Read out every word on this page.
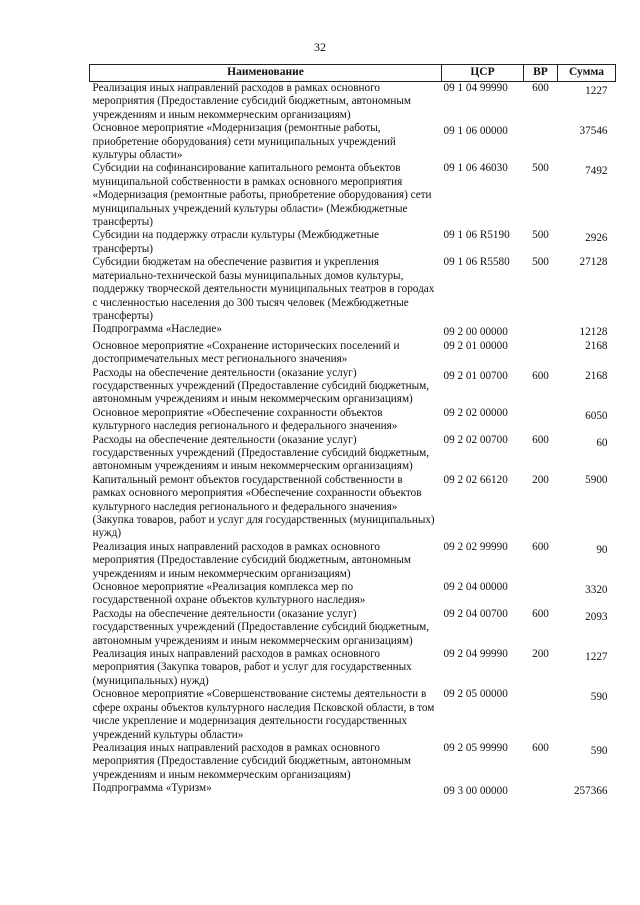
32
Наименование	ЦСР	ВР	Сумма
Реализация иных направлений расходов в рамках основного мероприятия (Предоставление субсидий бюджетным, автономным учреждениям и иным некоммерческим организациям)	09 1 04 99990	600	1227

Основное мероприятие «Модернизация (ремонтные работы, приобретение оборудования) сети муниципальных учреждений культуры области»	09 1 06 00000		37546

Субсидии на софинансирование капитального ремонта объектов муниципальной собственности в рамках основного мероприятия «Модернизация (ремонтные работы, приобретение оборудования) сети муниципальных учреждений культуры области» (Межбюджетные трансферты)	09 1 06 46030	500	7492

Субсидии на поддержку отрасли культуры (Межбюджетные трансферты)	09 1 06 R5190	500	2926

Субсидии бюджетам на обеспечение развития и укрепления материально-технической базы муниципальных домов культуры, поддержку творческой деятельности муниципальных театров в городах с численностью населения до 300 тысяч человек (Межбюджетные трансферты)	09 1 06 R5580	500	27128
Подпрограмма «Наследие»	09 2 00 00000		12128

Основное мероприятие «Сохранение исторических поселений и достопримечательных мест регионального значения»	09 2 01 00000		2168
Расходы на обеспечение деятельности (оказание услуг) государственных учреждений (Предоставление субсидий бюджетным, автономным учреждениям и иным некоммерческим организациям)	09 2 01 00700	600	2168

Основное мероприятие «Обеспечение сохранности объектов культурного наследия регионального и федерального значения»	09 2 02 00000		6050

Расходы на обеспечение деятельности (оказание услуг) государственных учреждений (Предоставление субсидий бюджетным, автономным учреждениям и иным некоммерческим организациям)	09 2 02 00700	600	60

Капитальный ремонт объектов государственной собственности в рамках основного мероприятия «Обеспечение сохранности объектов культурного наследия регионального и федерального значения» (Закупка товаров, работ и услуг для государственных (муниципальных) нужд)	09 2 02 66120	200	5900
Реализация иных направлений расходов в рамках основного мероприятия (Предоставление субсидий бюджетным, автономным учреждениям и иным некоммерческим организациям)	09 2 02 99990	600	90

Основное мероприятие «Реализация комплекса мер по государственной охране объектов культурного наследия»	09 2 04 00000		3320

Расходы на обеспечение деятельности (оказание услуг) государственных учреждений (Предоставление субсидий бюджетным, автономным учреждениям и иным некоммерческим организациям)	09 2 04 00700	600	2093

Реализация иных направлений расходов в рамках основного мероприятия (Закупка товаров, работ и услуг для государственных (муниципальных) нужд)	09 2 04 99990	200	1227

Основное мероприятие «Совершенствование системы деятельности в сфере охраны объектов культурного наследия Псковской области, в том числе укрепление и модернизация деятельности государственных учреждений культуры области»	09 2 05 00000		590

Реализация иных направлений расходов в рамках основного мероприятия (Предоставление субсидий бюджетным, автономным учреждениям и иным некоммерческим организациям)	09 2 05 99990	600	590

Подпрограмма «Туризм»	09 3 00 00000		257366
